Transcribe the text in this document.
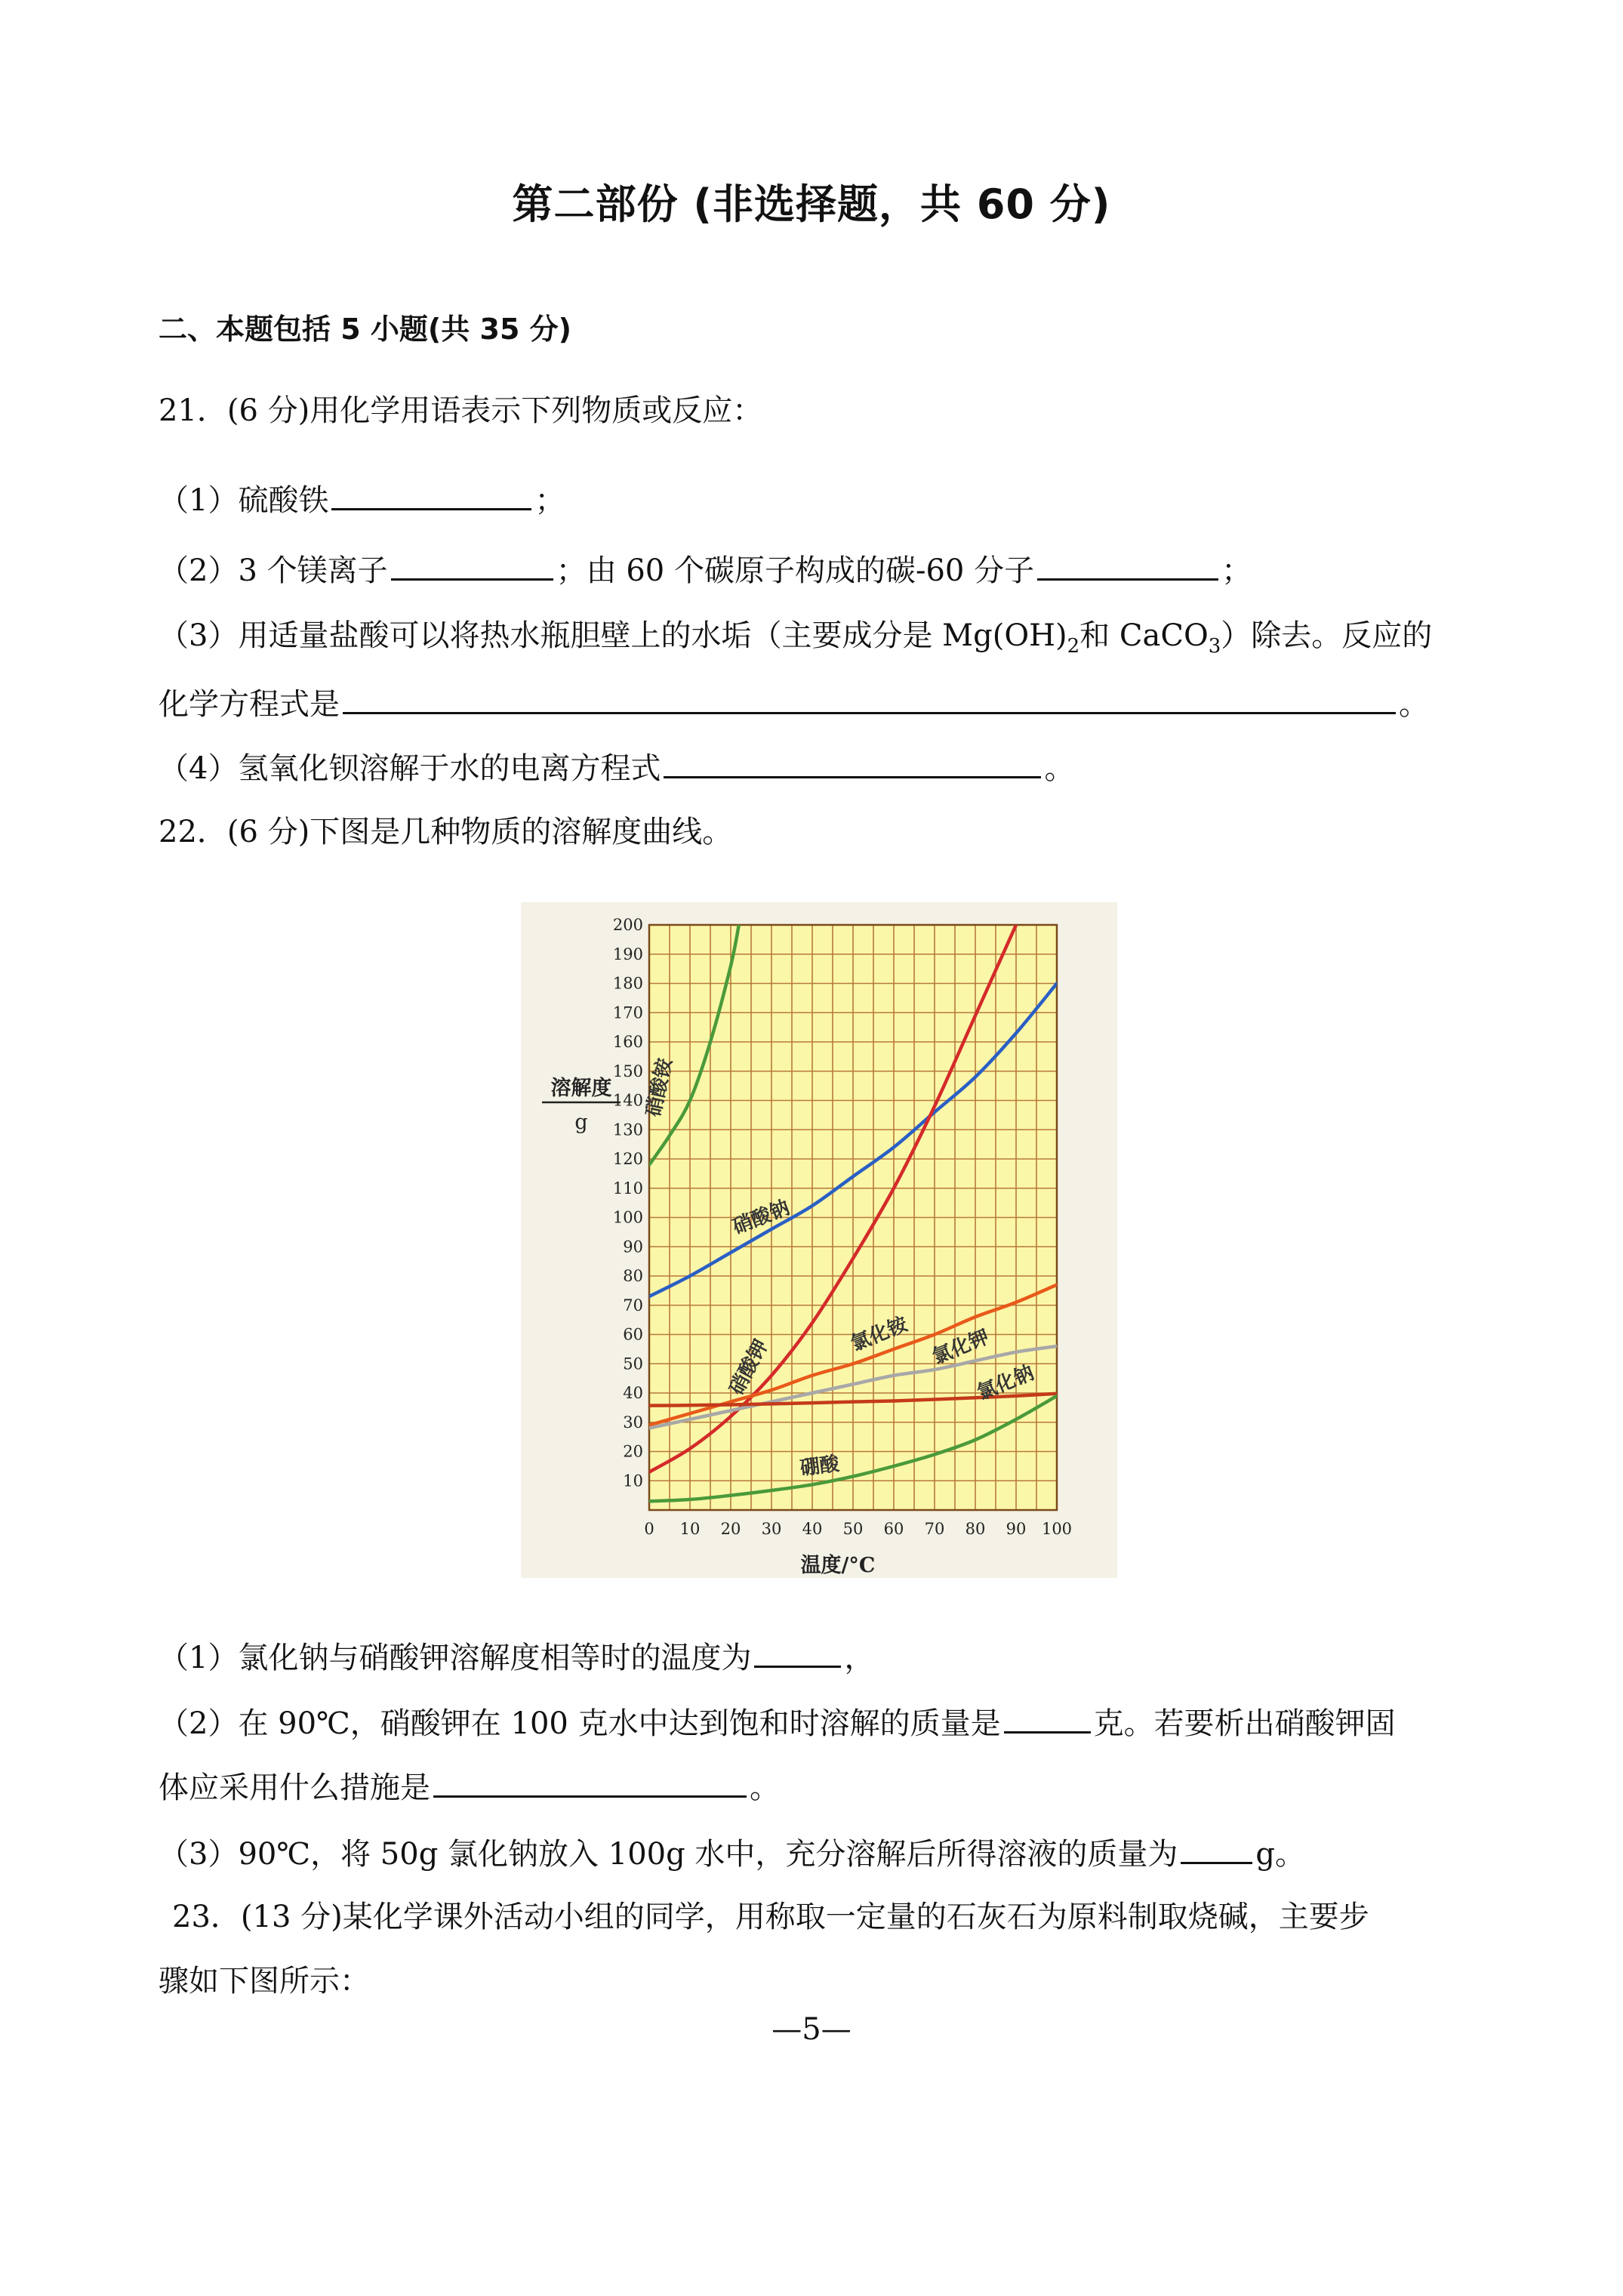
第二部份 (非选择题，共 60 分)
二、本题包括 5 小题(共 35 分)
21．(6 分)用化学用语表示下列物质或反应：
（1）硫酸铁	；
（2）3 个镁离子	；由 60 个碳原子构成的碳-60 分子	；
（3）用适量盐酸可以将热水瓶胆壁上的水垢（主要成分是 $Mg(OH)_2$和 CaCO$_3$）除去。反应的
化学方程式是	。
（4）氢氧化钡溶解于水的电离方程式	。
22．(6 分)下图是几种物质的溶解度曲线。
10
20
30
40
50
60
70
80
90
100
110
120
130
140
150
160
170
180
190
200
0 10 20 30 40 50 60 70 80 90 100
溶解度
g
温度/°C
硝酸铵
硝酸钠
硝酸钾
氯化铵 氯化钾
氯化钠
硼酸
（1）氯化钠与硝酸钾溶解度相等时的温度为	，
（2）在 90℃，硝酸钾在 100 克水中达到饱和时溶解的质量是	克。若要析出硝酸钾固
体应采用什么措施是	。
（3）90℃，将 50g 氯化钠放入 100g 水中，充分溶解后所得溶液的质量为	g。
23．(13 分)某化学课外活动小组的同学，用称取一定量的石灰石为原料制取烧碱，主要步
骤如下图所示：
—5—
